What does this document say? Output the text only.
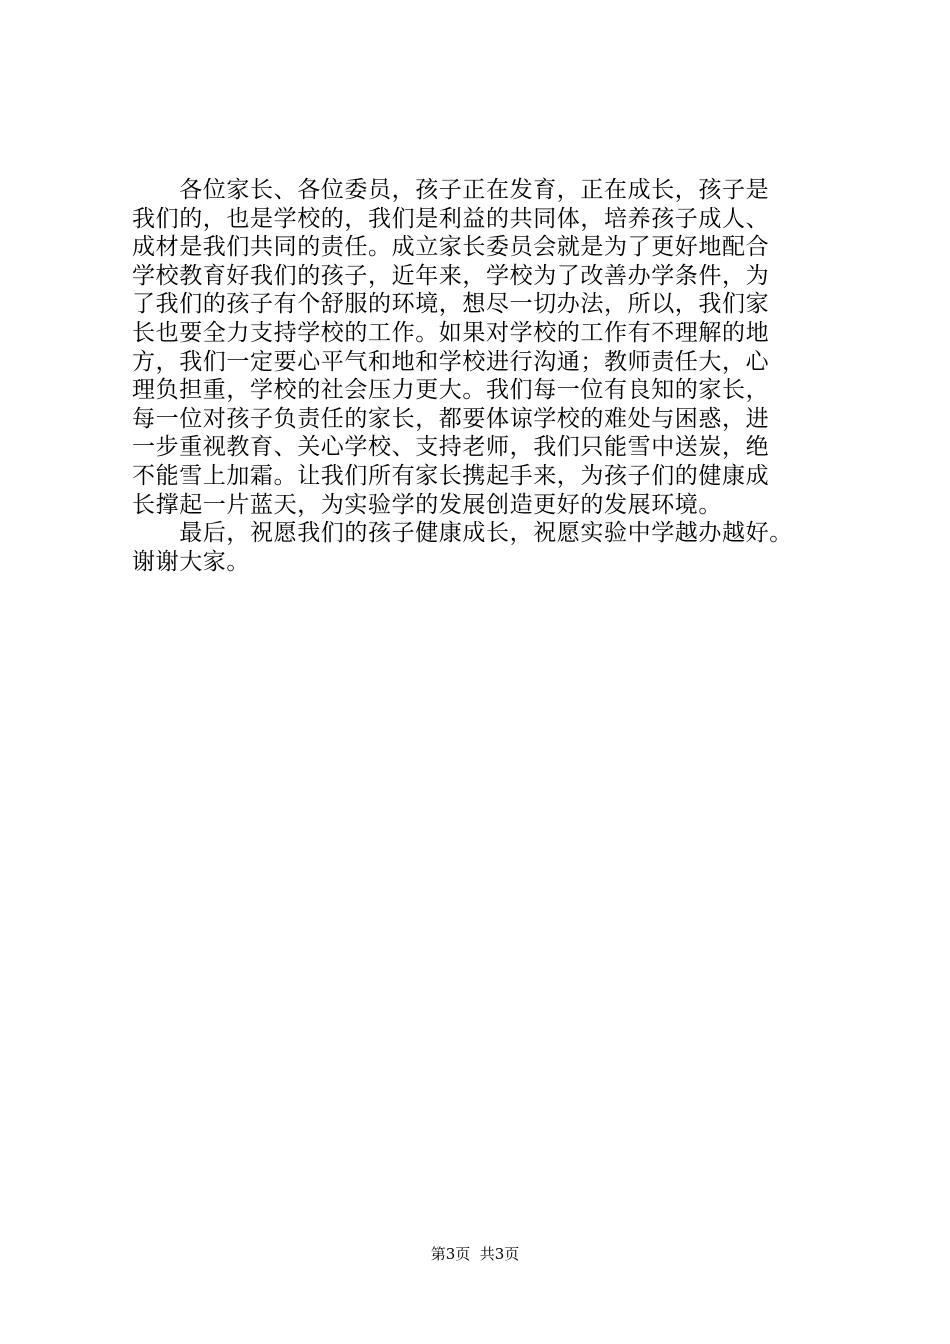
　　各位家长、各位委员，孩子正在发育，正在成长，孩子是
我们的，也是学校的，我们是利益的共同体，培养孩子成人、
成材是我们共同的责任。成立家长委员会就是为了更好地配合
学校教育好我们的孩子，近年来，学校为了改善办学条件，为
了我们的孩子有个舒服的环境，想尽一切办法，所以，我们家
长也要全力支持学校的工作。如果对学校的工作有不理解的地
方，我们一定要心平气和地和学校进行沟通；教师责任大，心
理负担重，学校的社会压力更大。我们每一位有良知的家长，
每一位对孩子负责任的家长，都要体谅学校的难处与困惑，进
一步重视教育、关心学校、支持老师，我们只能雪中送炭，绝
不能雪上加霜。让我们所有家长携起手来，为孩子们的健康成
长撑起一片蓝天，为实验学的发展创造更好的发展环境。
　　最后，祝愿我们的孩子健康成长，祝愿实验中学越办越好。
谢谢大家。
第3页  共3页
